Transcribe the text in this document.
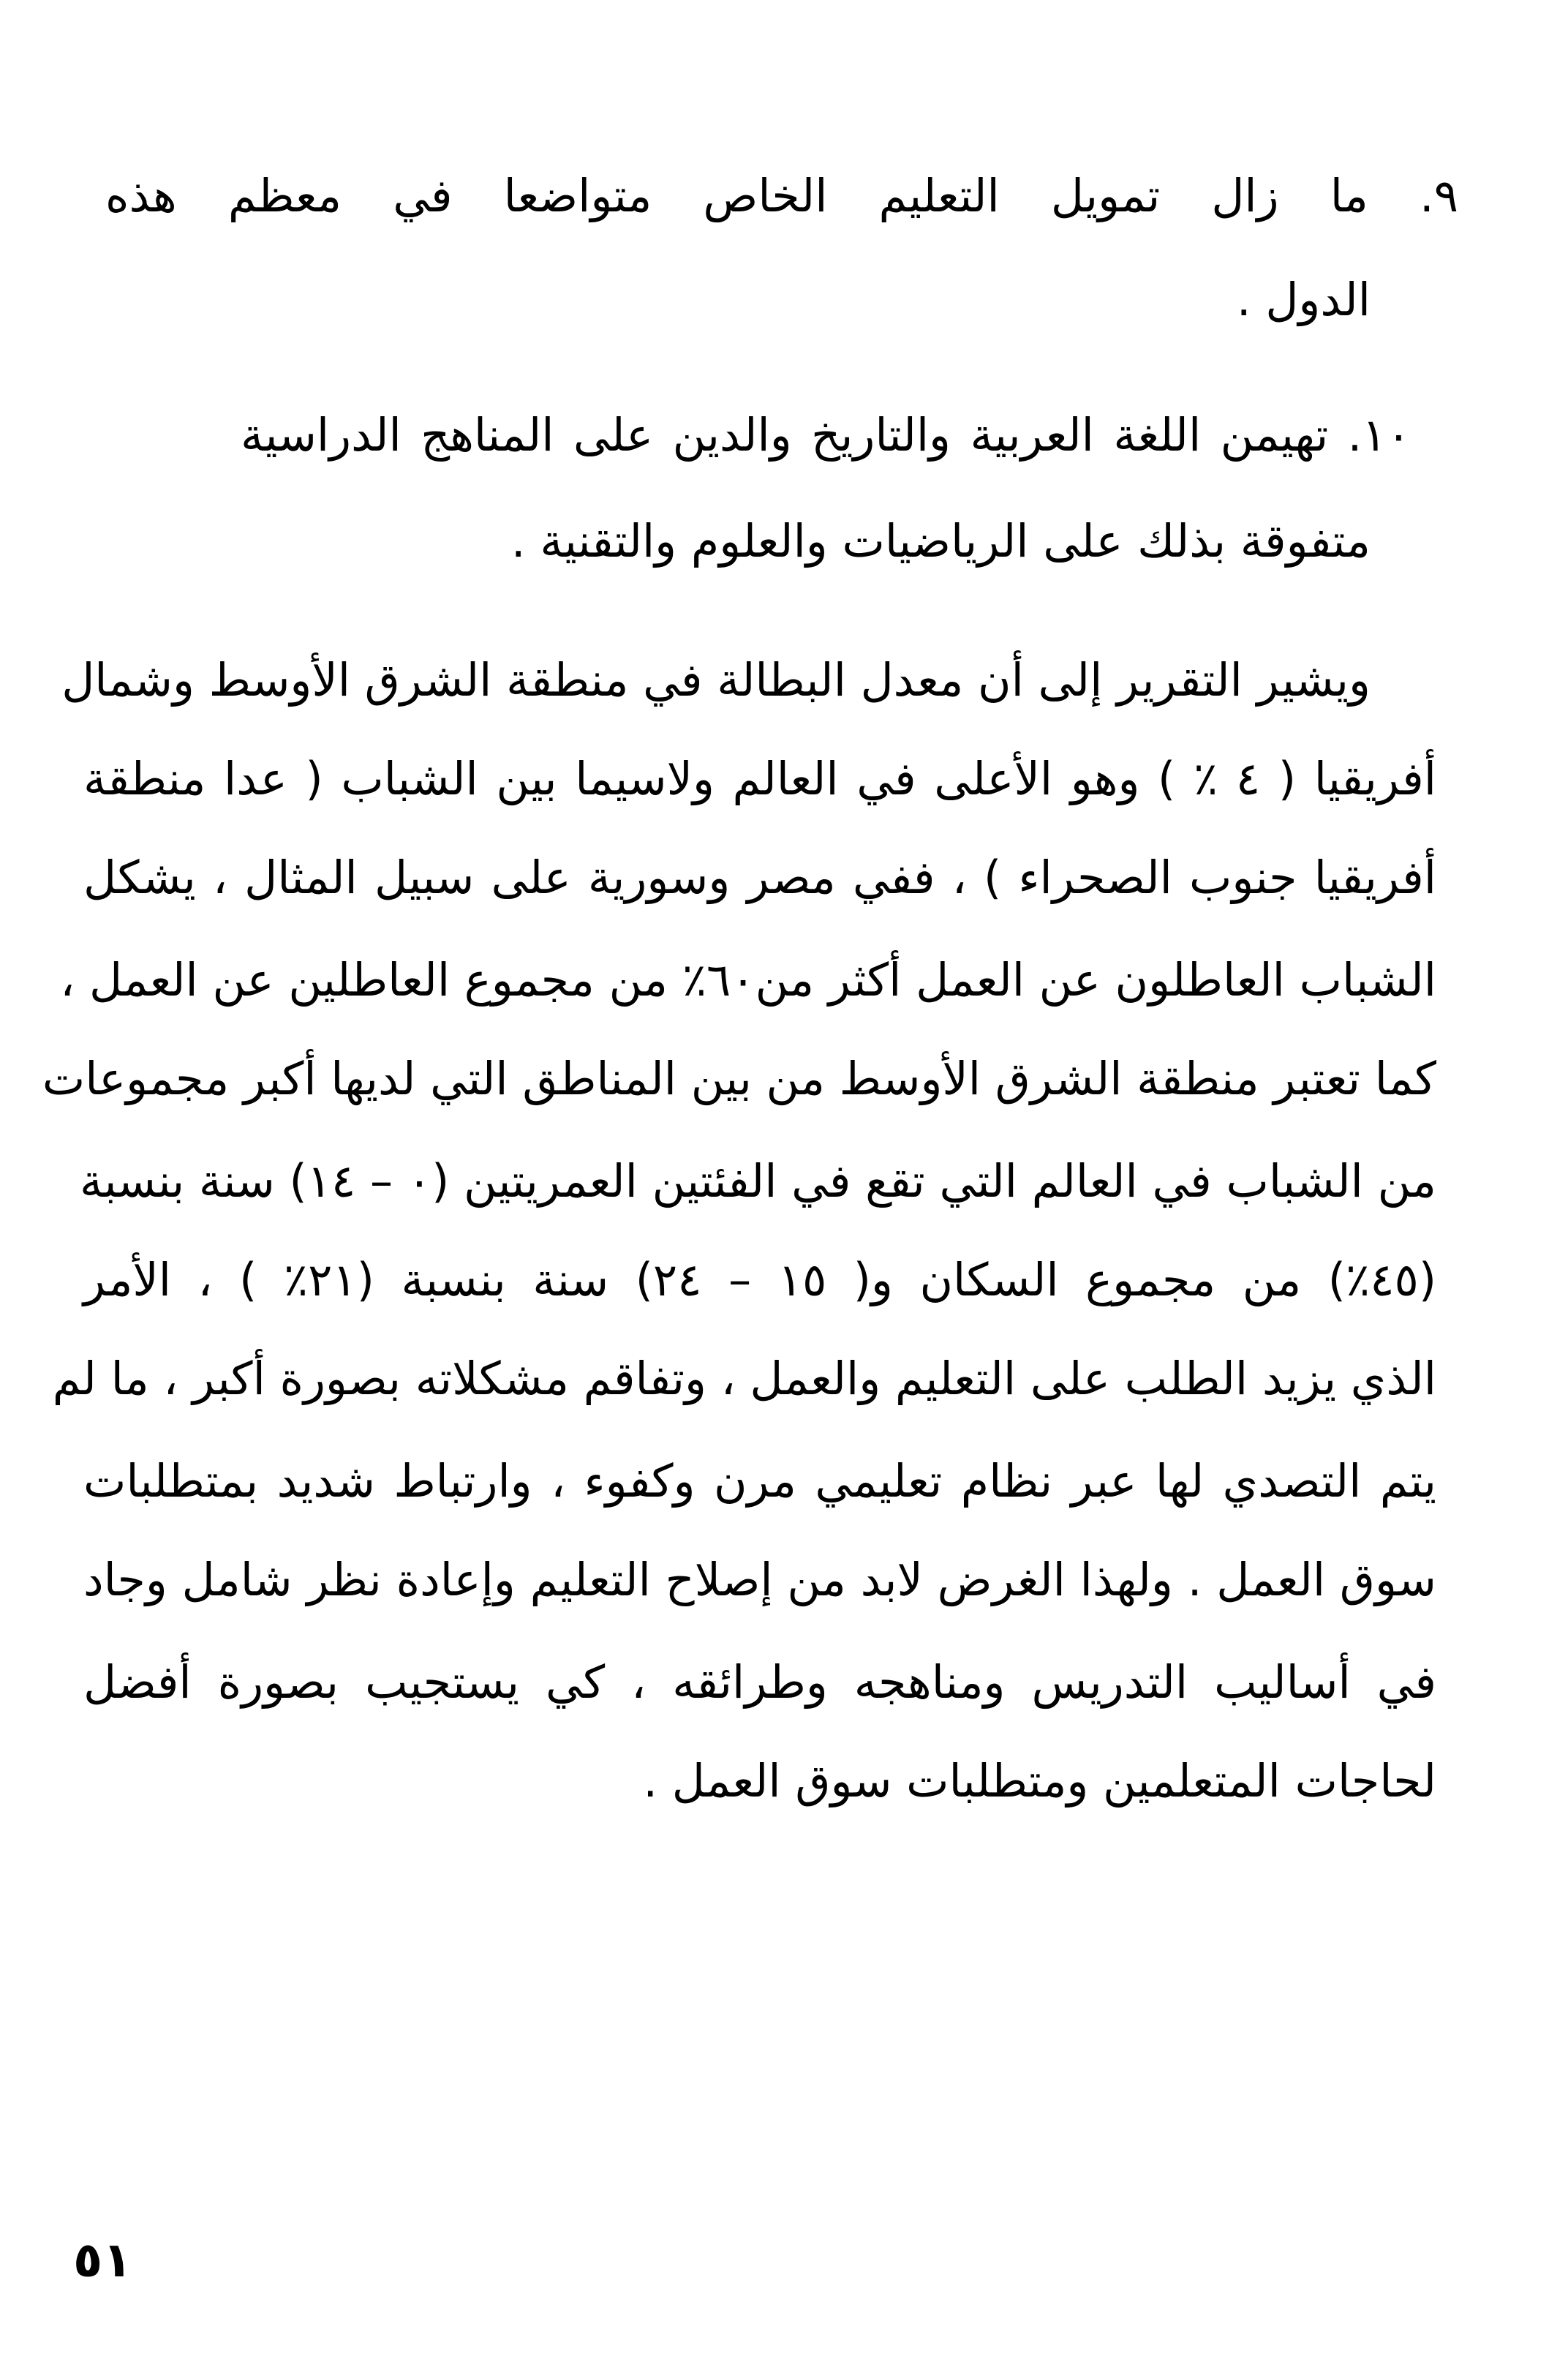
٩. ما زال تمويل التعليم الخاص متواضعا في معظم هذه
الدول .
١٠. تهيمن اللغة العربية والتاريخ والدين على المناهج الدراسية
متفوقة بذلك على الرياضيات والعلوم والتقنية .
ويشير التقرير إلى أن معدل البطالة في منطقة الشرق الأوسط وشمال
أفريقيا ( ٤ ٪ ) وهو الأعلى في العالم ولاسيما بين الشباب ( عدا منطقة
أفريقيا جنوب الصحراء ) ، ففي مصر وسورية على سبيل المثال ، يشكل
الشباب العاطلون عن العمل أكثر من٦٠٪ من مجموع العاطلين عن العمل ،
كما تعتبر منطقة الشرق الأوسط من بين المناطق التي لديها أكبر مجموعات
من الشباب في العالم التي تقع في الفئتين العمريتين (٠ – ١٤) سنة بنسبة
(٤٥٪) من مجموع السكان و( ١٥ – ٢٤) سنة بنسبة (٢١٪ ) ، الأمر
الذي يزيد الطلب على التعليم والعمل ، وتفاقم مشكلاته بصورة أكبر ، ما لم
يتم التصدي لها عبر نظام تعليمي مرن وكفوء ، وارتباط شديد بمتطلبات
سوق العمل . ولهذا الغرض لابد من إصلاح التعليم وإعادة نظر شامل وجاد
في أساليب التدريس ومناهجه وطرائقه ، كي يستجيب بصورة أفضل
لحاجات المتعلمين ومتطلبات سوق العمل .
٥١
